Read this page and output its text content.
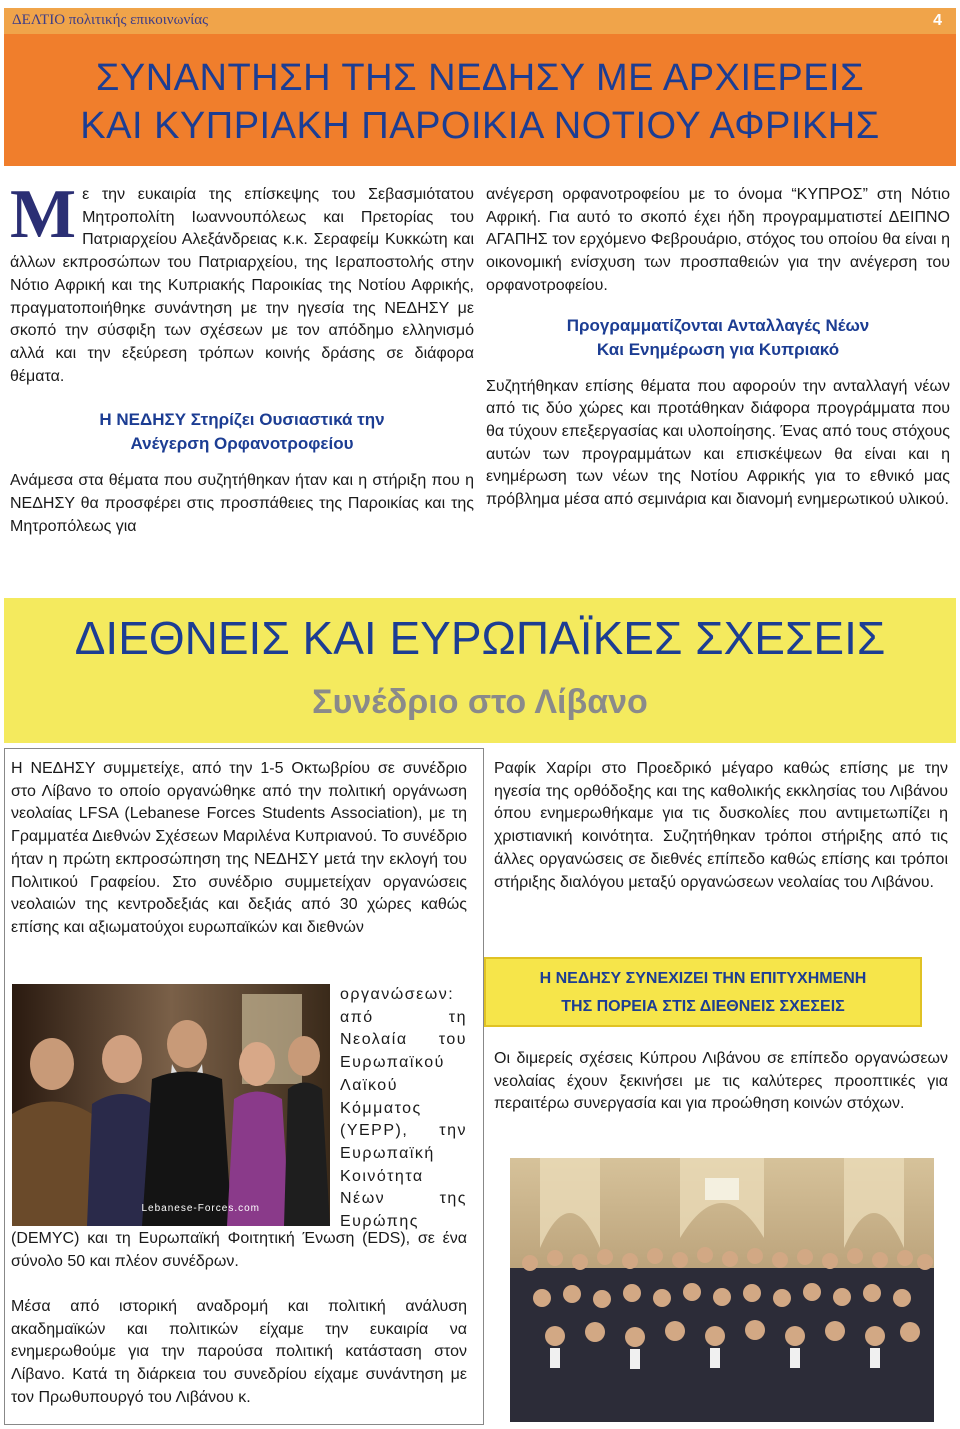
ΔΕΛΤΙΟ πολιτικής επικοινωνίας	4
ΣΥΝΑΝΤΗΣΗ ΤΗΣ ΝΕΔΗΣΥ ΜΕ ΑΡΧΙΕΡΕΙΣ
ΚΑΙ ΚΥΠΡΙΑΚΗ ΠΑΡΟΙΚΙΑ ΝΟΤΙΟΥ ΑΦΡΙΚΗΣ

Με την ευκαιρία της επίσκεψης του Σεβασμιότατου Μητροπολίτη Ιωαννουπόλεως και Πρετορίας του Πατριαρχείου Αλεξάνδρειας κ.κ. Σεραφείμ Κυκκώτη και άλλων εκπροσώπων του Πατριαρχείου, της Ιεραποστολής στην Νότιο Αφρική και της Κυπριακής Παροικίας της Νοτίου Αφρικής, πραγματοποιήθηκε συνάντηση με την ηγεσία της ΝΕΔΗΣΥ με σκοπό την σύσφιξη των σχέσεων με τον απόδημο ελληνισμό αλλά και την εξεύρεση τρόπων κοινής δράσης σε διάφορα θέματα.

Η ΝΕΔΗΣΥ Στηρίζει Ουσιαστικά την
Ανέγερση Ορφανοτροφείου

Ανάμεσα στα θέματα που συζητήθηκαν ήταν και η στήριξη που η ΝΕΔΗΣΥ θα προσφέρει στις προσπάθειες της Παροικίας και της Μητροπόλεως για

ανέγερση ορφανοτροφείου με το όνομα “ΚΥΠΡΟΣ” στη Νότιο Αφρική. Για αυτό το σκοπό έχει ήδη προγραμματιστεί ΔΕΙΠΝΟ ΑΓΑΠΗΣ τον ερχόμενο Φεβρουάριο, στόχος του οποίου θα είναι η οικονομική ενίσχυση των προσπαθειών για την ανέγερση του ορφανοτροφείου.

Προγραμματίζονται Ανταλλαγές Νέων
Και Ενημέρωση για Κυπριακό

Συζητήθηκαν επίσης θέματα που αφορούν την ανταλλαγή νέων από τις δύο χώρες και προτάθηκαν διάφορα προγράμματα που θα τύχουν επεξεργασίας και υλοποίησης. Ένας από τους στόχους αυτών των προγραμμάτων και επισκέψεων θα είναι και η ενημέρωση των νέων της Νοτίου Αφρικής για το εθνικό μας πρόβλημα μέσα από σεμινάρια και διανομή ενημερωτικού υλικού.

ΔΙΕΘΝΕΙΣ ΚΑΙ ΕΥΡΩΠΑΪΚΕΣ ΣΧΕΣΕΙΣ
Συνέδριο στο Λίβανο
Η ΝΕΔΗΣΥ συμμετείχε, από την 1-5 Οκτωβρίου σε συνέδριο στο Λίβανο το οποίο οργανώθηκε από την πολιτική οργάνωση νεολαίας LFSA (Lebanese Forces Students Association), με τη Γραμματέα Διεθνών Σχέσεων Μαριλένα Κυπριανού. Το συνέδριο ήταν η πρώτη εκπροσώπηση της ΝΕΔΗΣΥ μετά την εκλογή του Πολιτικού Γραφείου. Στο συνέδριο συμμετείχαν οργανώσεις νεολαιών της κεντροδεξιάς και δεξιάς από 30 χώρες καθώς επίσης και αξιωματούχοι ευρωπαϊκών και διεθνών
οργανώσεων: από τη Νεολαία του Ευρωπαϊκού Λαϊκού Κόμματος (YEPP), την Ευρωπαϊκή Κοινότητα Νέων της Ευρώπης
Lebanese-Forces.com
(DEMYC) και τη Ευρωπαϊκή Φοιτητική Ένωση (EDS), σε ένα σύνολο 50 και πλέον συνέδρων.
Μέσα από ιστορική αναδρομή και πολιτική ανάλυση ακαδημαϊκών και πολιτικών είχαμε την ευκαιρία να ενημερωθούμε για την παρούσα πολιτική κατάσταση στον Λίβανο. Κατά τη διάρκεια του συνεδρίου είχαμε συνάντηση με τον Πρωθυπουργό του Λιβάνου κ.
Ραφίκ Χαρίρι στο Προεδρικό μέγαρο καθώς επίσης με την ηγεσία της ορθόδοξης και της καθολικής εκκλησίας του Λιβάνου όπου ενημερωθήκαμε για τις δυσκολίες που αντιμετωπίζει η χριστιανική κοινότητα. Συζητήθηκαν τρόποι στήριξης από τις άλλες οργανώσεις σε διεθνές επίπεδο καθώς επίσης και τρόποι στήριξης διαλόγου μεταξύ οργανώσεων νεολαίας του Λιβάνου.
Η ΝΕΔΗΣΥ ΣΥΝΕΧΙΖΕΙ ΤΗΝ ΕΠΙΤΥΧΗΜΕΝΗ
ΤΗΣ ΠΟΡΕΙΑ ΣΤΙΣ ΔΙΕΘΝΕΙΣ ΣΧΕΣΕΙΣ
Οι διμερείς σχέσεις Κύπρου Λιβάνου σε επίπεδο οργανώσεων νεολαίας έχουν ξεκινήσει με τις καλύτερες προοπτικές για περαιτέρω συνεργασία και για προώθηση κοινών στόχων.
